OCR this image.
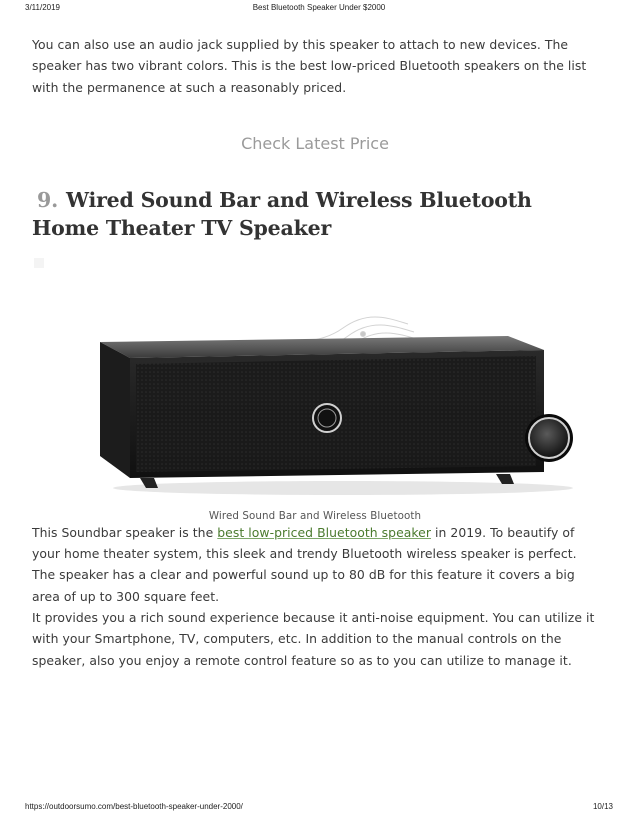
3/11/2019	Best Bluetooth Speaker Under $2000

You can also use an audio jack supplied by this speaker to attach to new devices. The speaker has two vibrant colors. This is the best low-priced Bluetooth speakers on the list with the permanence at such a reasonably priced.

Check Latest Price
9. Wired Sound Bar and Wireless Bluetooth Home Theater TV Speaker
Wired Sound Bar and Wireless Bluetooth

This Soundbar speaker is the best low-priced Bluetooth speaker in 2019. To beautify of your home theater system, this sleek and trendy Bluetooth wireless speaker is perfect. The speaker has a clear and powerful sound up to 80 dB for this feature it covers a big area of up to 300 square feet.

It provides you a rich sound experience because it anti-noise equipment. You can utilize it with your Smartphone, TV, computers, etc. In addition to the manual controls on the speaker, also you enjoy a remote control feature so as to you can utilize to manage it.

https://outdoorsumo.com/best-bluetooth-speaker-under-2000/	10/13
